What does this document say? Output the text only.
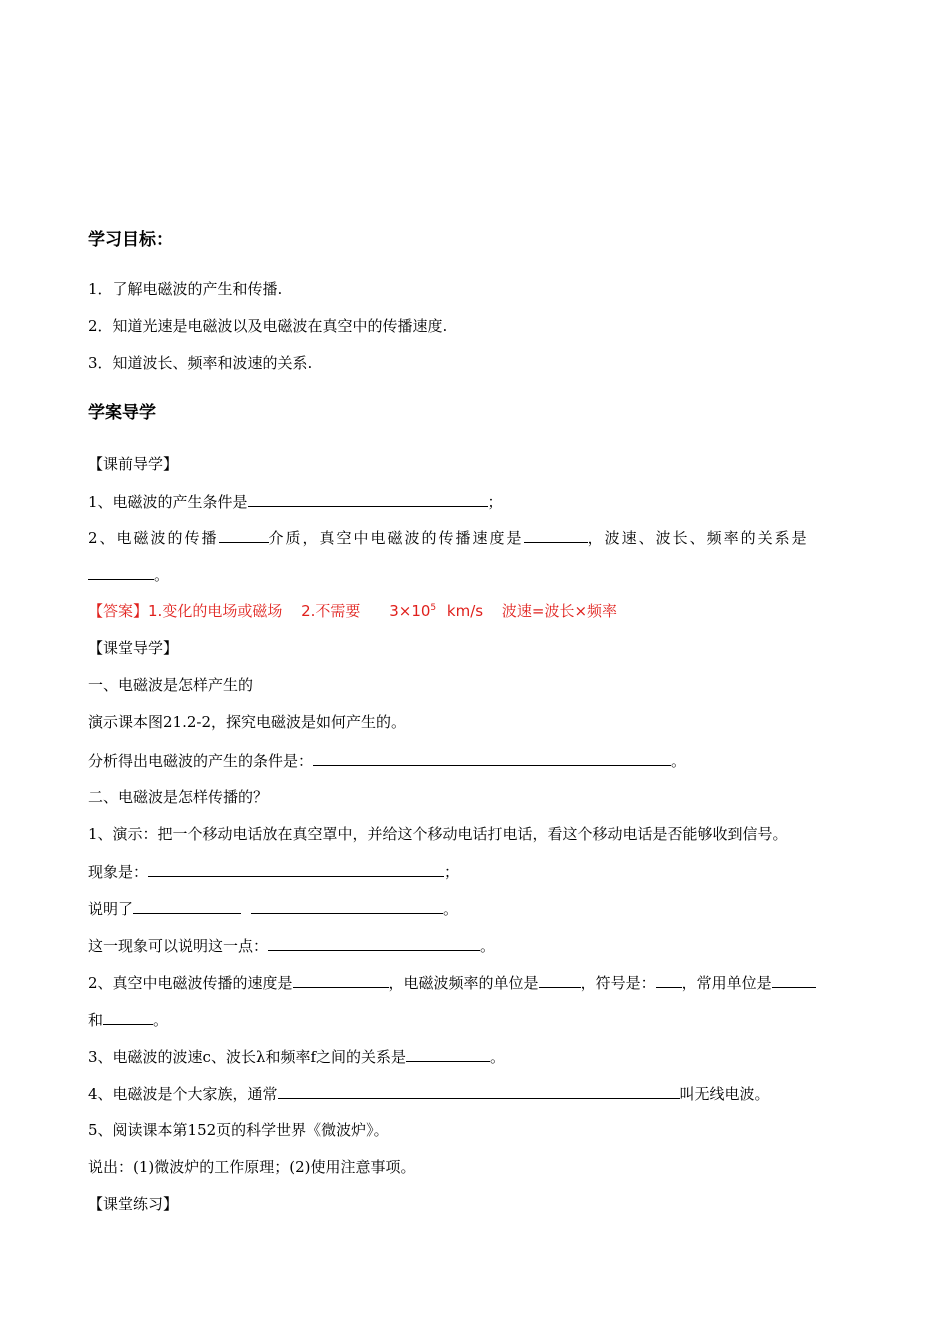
学习目标：
1．了解电磁波的产生和传播.
2．知道光速是电磁波以及电磁波在真空中的传播速度.
3．知道波长、频率和波速的关系.
学案导学
【课前导学】
1、电磁波的产生条件是	；
2、电磁波的传播	介质，真空中电磁波的传播速度是	，波速、波长、频率的关系是
。
【答案】1.变化的电场或磁场 2.不需要 $3\times 10^5$ km/s 波速=波长×频率
【课堂导学】
一、电磁波是怎样产生的
演示课本图21.2-2，探究电磁波是如何产生的。
分析得出电磁波的产生的条件是：	。
二、电磁波是怎样传播的？
1、演示：把一个移动电话放在真空罩中，并给这个移动电话打电话，看这个移动电话是否能够收到信号。
现象是：	；
说明了	。
这一现象可以说明这一点：	。
2、真空中电磁波传播的速度是	，电磁波频率的单位是	，符号是： ，常用单位是
和	。
3、电磁波的波速c、波长λ和频率f之间的关系是	。
4、电磁波是个大家族，通常	叫无线电波。
5、阅读课本第152页的科学世界《微波炉》。
说出：(1)微波炉的工作原理；(2)使用注意事项。
【课堂练习】
